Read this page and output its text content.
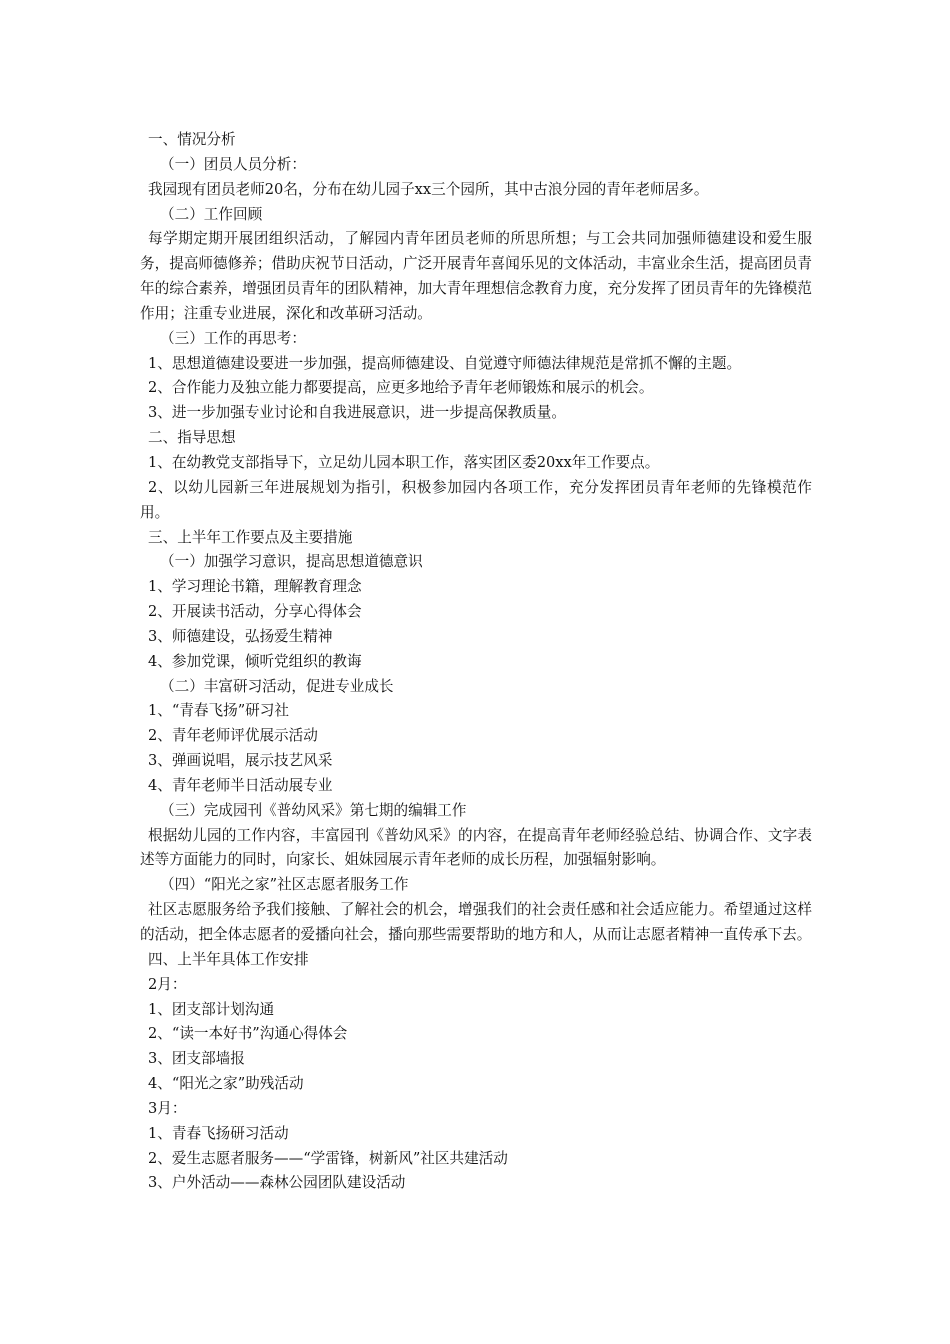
一、情况分析
（一）团员人员分析：
我园现有团员老师20名，分布在幼儿园子xx三个园所，其中古浪分园的青年老师居多。
（二）工作回顾

每学期定期开展团组织活动，了解园内青年团员老师的所思所想；与工会共同加强师德建设和爱生服务，提高师德修养；借助庆祝节日活动，广泛开展青年喜闻乐见的文体活动，丰富业余生活，提高团员青年的综合素养，增强团员青年的团队精神，加大青年理想信念教育力度，充分发挥了团员青年的先锋模范作用；注重专业进展，深化和改革研习活动。

（三）工作的再思考：
1、思想道德建设要进一步加强，提高师德建设、自觉遵守师德法律规范是常抓不懈的主题。
2、合作能力及独立能力都要提高，应更多地给予青年老师锻炼和展示的机会。
3、进一步加强专业讨论和自我进展意识，进一步提高保教质量。
二、指导思想
1、在幼教党支部指导下，立足幼儿园本职工作，落实团区委20xx年工作要点。

2、以幼儿园新三年进展规划为指引，积极参加园内各项工作，充分发挥团员青年老师的先锋模范作用。

三、上半年工作要点及主要措施
（一）加强学习意识，提高思想道德意识
1、学习理论书籍，理解教育理念
2、开展读书活动，分享心得体会
3、师德建设，弘扬爱生精神
4、参加党课，倾听党组织的教诲
（二）丰富研习活动，促进专业成长
1、“青春飞扬”研习社
2、青年老师评优展示活动
3、弹画说唱，展示技艺风采
4、青年老师半日活动展专业
（三）完成园刊《普幼风采》第七期的编辑工作

根据幼儿园的工作内容，丰富园刊《普幼风采》的内容，在提高青年老师经验总结、协调合作、文字表述等方面能力的同时，向家长、姐妹园展示青年老师的成长历程，加强辐射影响。

（四）“阳光之家”社区志愿者服务工作

社区志愿服务给予我们接触、了解社会的机会，增强我们的社会责任感和社会适应能力。希望通过这样的活动，把全体志愿者的爱播向社会，播向那些需要帮助的地方和人，从而让志愿者精神一直传承下去。

四、上半年具体工作安排
2月：
1、团支部计划沟通
2、“读一本好书”沟通心得体会
3、团支部墙报
4、“阳光之家”助残活动
3月：
1、青春飞扬研习活动
2、爱生志愿者服务——“学雷锋，树新风”社区共建活动
3、户外活动——森林公园团队建设活动
